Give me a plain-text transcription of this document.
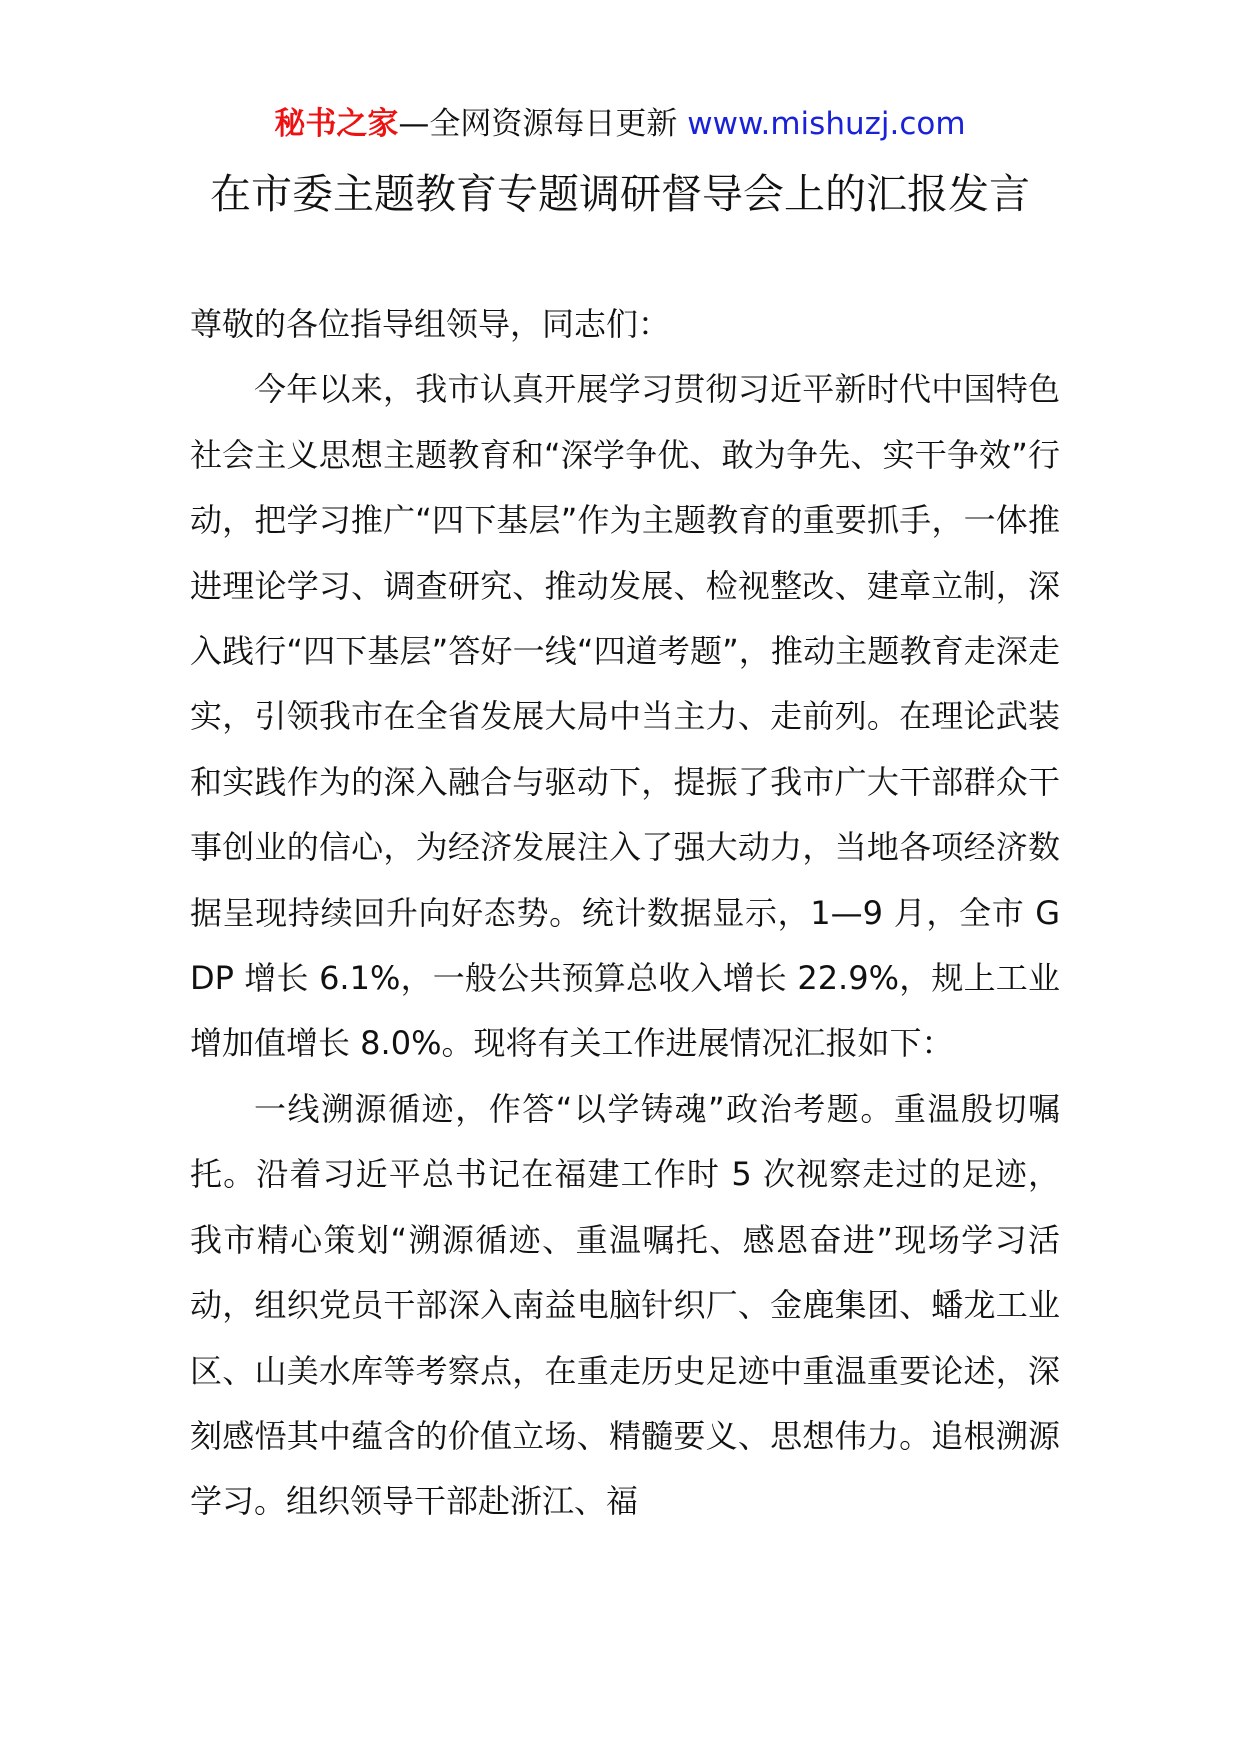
秘书之家—全网资源每日更新 www.mishuzj.com
在市委主题教育专题调研督导会上的汇报发言

尊敬的各位指导组领导，同志们：

今年以来，我市认真开展学习贯彻习近平新时代中国特色社会主义思想主题教育和“深学争优、敢为争先、实干争效”行动，把学习推广“四下基层”作为主题教育的重要抓手，一体推进理论学习、调查研究、推动发展、检视整改、建章立制，深入践行“四下基层”答好一线“四道考题”，推动主题教育走深走实，引领我市在全省发展大局中当主力、走前列。在理论武装和实践作为的深入融合与驱动下，提振了我市广大干部群众干事创业的信心，为经济发展注入了强大动力，当地各项经济数据呈现持续回升向好态势。统计数据显示，1—9 月，全市 GDP 增长 6.1%，一般公共预算总收入增长 22.9%，规上工业增加值增长 8.0%。现将有关工作进展情况汇报如下：

一线溯源循迹，作答“以学铸魂”政治考题。重温殷切嘱托。沿着习近平总书记在福建工作时 5 次视察走过的足迹，我市精心策划“溯源循迹、重温嘱托、感恩奋进”现场学习活动，组织党员干部深入南益电脑针织厂、金鹿集团、蟠龙工业区、山美水库等考察点，在重走历史足迹中重温重要论述，深刻感悟其中蕴含的价值立场、精髓要义、思想伟力。追根溯源学习。组织领导干部赴浙江、福
